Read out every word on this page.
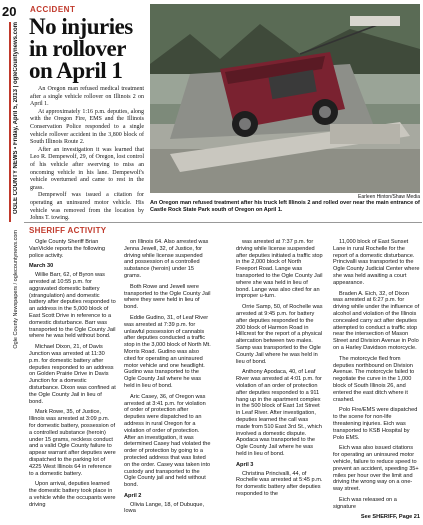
20
OGLE COUNTY NEWS • Friday, April 5, 2013 | ogleCountynews.com
Ogle County Newspapers / oglecountynews.com
ACCIDENT
No injuries in rollover on April 1

An Oregon man refused medical treatment after a single vehicle rollover on Illinois 2 on April 1.

At approximately 1:16 p.m. deputies, along with the Oregon Fire, EMS and the Illinois Conservation Police responded to a single vehicle rollover accident in the 3,800 block of South Illinois Route 2.

After an investigation it was learned that Leo R. Dempewolf, 29, of Oregon, lost control of his vehicle after swerving to miss an oncoming vehicle in his lane. Dempewolf's vehicle overturned and came to rest in the grass.

Dempewolf was issued a citation for operating an uninsured motor vehicle. His vehicle was removed from the location by Johns T. towing.

Earleen Hinton/Shaw Media
An Oregon man refused treatment after his truck left Illinois 2 and rolled over near the main entrance of Castle Rock State Park south of Oregon on April 1.
SHERIFF ACTIVITY

Ogle County Sheriff Brian VanVickle reports the following police activity.

March 30

Willie Barr, 62, of Byron was arrested at 10:55 p.m. for aggravated domestic battery (strangulation) and domestic battery after deputies responded to an address in the 5,000 block of East Scott Drive in reference to a domestic disturbance. Barr was transported to the Ogle County Jail where he was held without bond.

Michael Dixon, 21, of Davis Junction was arrested at 11:30 p.m. for domestic battery after deputies responded to an address on Golden Prairie Drive in Davis Junction for a domestic disturbance. Dixon was confined at the Ogle County Jail in lieu of bond.

Mark Rowe, 35, of Justice, Illinois was arrested at 3:09 p.m. for domestic battery, possession of a controlled substance (heroin) under 15 grams, reckless conduct and a valid Ogle County failure to appear warrant after deputies were dispatched to the parking lot of 4225 West Illinois 64 in reference to a domestic battery.

Upon arrival, deputies learned the domestic battery took place in a vehicle while the occupants were driving

on Illinois 64. Also arrested was Jenna Jewell, 32, of Justice, for driving while license suspended and possession of a controlled substance (heroin) under 15 grams.

Both Rowe and Jewell were transported to the Ogle County Jail where they were held in lieu of bond.

Eddie Gudino, 31, of Leaf River was arrested at 7:39 p.m. for unlawful possession of cannabis after deputies conducted a traffic stop in the 3,000 block of North Mt. Morris Road. Gudino was also cited for operating an uninsured motor vehicle and one headlight. Gudino was transported to the Ogle County Jail where he was held in lieu of bond.

Aric Casey, 36, of Oregon was arrested at 3:41 p.m. for violation of order of protection after deputies were dispatched to an address in rural Oregon for a violation of order of protection. After an investigation, it was determined Casey had violated the order of protection by going to a protected address that was listed on the order. Casey was taken into custody and transported to the Ogle County jail and held without bond.

April 2

Olivia Lange, 18, of Dubuque, Iowa

was arrested at 7:37 p.m. for driving while license suspended after deputies initiated a traffic stop in the 2,000 block of North Freeport Road. Lange was transported to the Ogle County Jail where she was held in lieu of bond. Lange was also cited for an improper u-turn.

Orrie Samp, 50, of Rochelle was arrested at 9:45 p.m. for battery after deputies responded to the 200 block of Harmon Road in Hillcrest for the report of a physical altercation between two males. Samp was transported to the Ogle County Jail where he was held in lieu of bond.

Anthony Apodaca, 40, of Leaf River was arrested at 4:01 p.m. for violation of an order of protection after deputies responded to a 911 hang up in the apartment complex in the 500 block of East 1st Street in Leaf River. After investigation, deputies learned the call was made from 510 East 3rd St., which involved a domestic dispute. Apodaca was transported to the Ogle County Jail where he was held in lieu of bond.

April 3

Christina Princivalli, 44, of Rochelle was arrested at 5:45 p.m. for domestic battery after deputies responded to the

11,000 block of East Sunset Lane in rural Rochelle for the report of a domestic disturbance. Princivalli was transported to the Ogle County Judicial Center where she was held awaiting a court appearance.

Braden A. Eich, 32, of Dixon was arrested at 6:27 p.m. for driving while under the influence of alcohol and violation of the Illinois concealed carry act after deputies attempted to conduct a traffic stop near the intersection of Mason Street and Division Avenue in Polo on a Harley Davidson motorcycle.

The motorcycle fled from deputies northbound on Division Avenue. The motorcycle failed to negotiate the curve in the 1,000 block of South Illinois 26, and entered the east ditch where it crashed.

Polo Fire/EMS were dispatched to the scene for non-life threatening injuries. Eich was transported to KSB Hospital by Polo EMS.

Eich was also issued citations for operating an uninsured motor vehicle, failure to reduce speed to prevent an accident, speeding 35+ miles per hour over the limit and driving the wrong way on a one-way street.

Eich was released on a signature

See SHERIFF, Page 21
